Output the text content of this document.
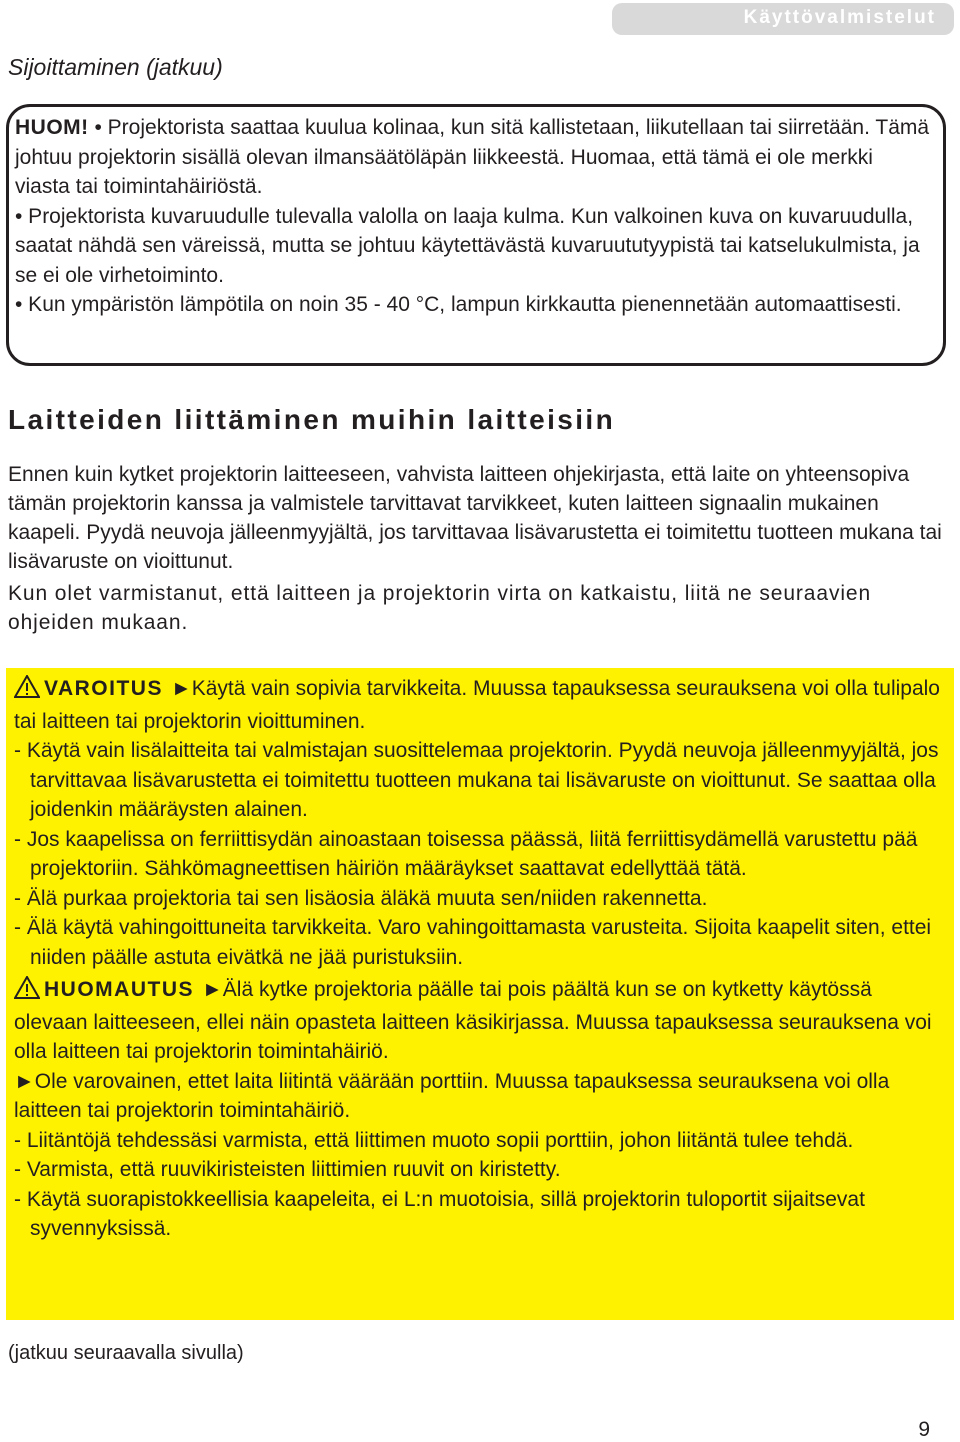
Käyttövalmistelut
Sijoittaminen (jatkuu)

HUOM! • Projektorista saattaa kuulua kolinaa, kun sitä kallistetaan, liikutellaan tai siirretään. Tämä johtuu projektorin sisällä olevan ilmansäätöläpän liikkeestä. Huomaa, että tämä ei ole merkki viasta tai toimintahäiriöstä.

• Projektorista kuvaruudulle tulevalla valolla on laaja kulma. Kun valkoinen kuva on kuvaruudulla, saatat nähdä sen väreissä, mutta se johtuu käytettävästä kuvaruututyypistä tai katselukulmista, ja se ei ole virhetoiminto.

• Kun ympäristön lämpötila on noin 35 - 40 °C, lampun kirkkautta pienennetään automaattisesti.

Laitteiden liittäminen muihin laitteisiin

Ennen kuin kytket projektorin laitteeseen, vahvista laitteen ohjekirjasta, että laite on yhteensopiva tämän projektorin kanssa ja valmistele tarvittavat tarvikkeet, kuten laitteen signaalin mukainen kaapeli. Pyydä neuvoja jälleenmyyjältä, jos tarvittavaa lisävarustetta ei toimitettu tuotteen mukana tai lisävaruste on vioittunut.

Kun olet varmistanut, että laitteen ja projektorin virta on katkaistu, liitä ne seuraavien ohjeiden mukaan.

VAROITUS ►Käytä vain sopivia tarvikkeita. Muussa tapauksessa seurauksena voi olla tulipalo tai laitteen tai projektorin vioittuminen.

- Käytä vain lisälaitteita tai valmistajan suosittelemaa projektorin. Pyydä neuvoja jälleenmyyjältä, jos tarvittavaa lisävarustetta ei toimitettu tuotteen mukana tai lisävaruste on vioittunut. Se saattaa olla joidenkin määräysten alainen.

- Jos kaapelissa on ferriittisydän ainoastaan toisessa päässä, liitä ferriittisydämellä varustettu pää projektoriin. Sähkömagneettisen häiriön määräykset saattavat edellyttää tätä.

- Älä purkaa projektoria tai sen lisäosia äläkä muuta sen/niiden rakennetta.

- Älä käytä vahingoittuneita tarvikkeita. Varo vahingoittamasta varusteita. Sijoita kaapelit siten, ettei niiden päälle astuta eivätkä ne jää puristuksiin.

HUOMAUTUS ►Älä kytke projektoria päälle tai pois päältä kun se on kytketty käytössä olevaan laitteeseen, ellei näin opasteta laitteen käsikirjassa. Muussa tapauksessa seurauksena voi olla laitteen tai projektorin toimintahäiriö.

►Ole varovainen, ettet laita liitintä väärään porttiin. Muussa tapauksessa seurauksena voi olla laitteen tai projektorin toimintahäiriö.

- Liitäntöjä tehdessäsi varmista, että liittimen muoto sopii porttiin, johon liitäntä tulee tehdä.

- Varmista, että ruuvikiristeisten liittimien ruuvit on kiristetty.

- Käytä suorapistokkeellisia kaapeleita, ei L:n muotoisia, sillä projektorin tuloportit sijaitsevat syvennyksissä.

(jatkuu seuraavalla sivulla)
9
